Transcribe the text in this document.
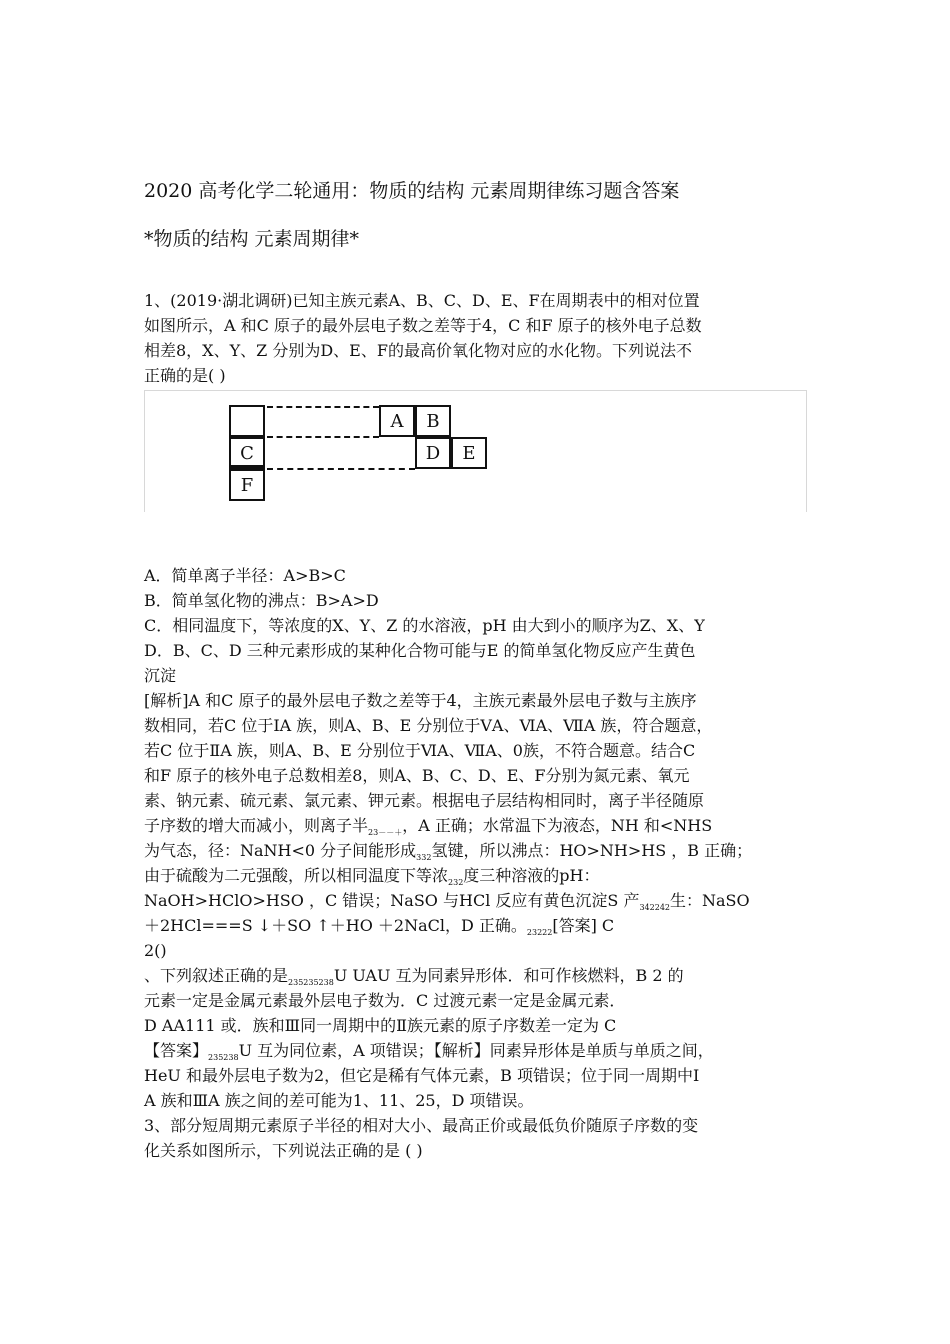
2020 高考化学二轮通用：物质的结构 元素周期律练习题含答案
*物质的结构 元素周期律*
1、(2019·湖北调研)已知主族元素A、B、C、D、E、F在周期表中的相对位置
如图所示，A 和C 原子的最外层电子数之差等于4，C 和F 原子的核外电子总数
相差8，X、Y、Z 分别为D、E、F的最高价氧化物对应的水化物。下列说法不
正确的是( )
C
F
A	B
D	E
A．简单离子半径：A>B>C
B．简单氢化物的沸点：B>A>D
C．相同温度下，等浓度的X、Y、Z 的水溶液，pH 由大到小的顺序为Z、X、Y
D．B、C、D 三种元素形成的某种化合物可能与E 的简单氢化物反应产生黄色
沉淀
[解析]A 和C 原子的最外层电子数之差等于4，主族元素最外层电子数与主族序
数相同，若C 位于ⅠA 族，则A、B、E 分别位于ⅤA、ⅥA、ⅦA 族，符合题意，
若C 位于ⅡA 族，则A、B、E 分别位于ⅥA、ⅦA、0族，不符合题意。结合C
和F 原子的核外电子总数相差8，则A、B、C、D、E、F分别为氮元素、氧元
素、钠元素、硫元素、氯元素、钾元素。根据电子层结构相同时，离子半径随原
子序数的增大而减小，则离子半$_{23--+}$，A 正确；水常温下为液态，NH 和<NHS
为气态，径：NaNH<0 分子间能形成$_{332}$氢键，所以沸点：HO>NH>HS ，B 正确；
由于硫酸为二元强酸，所以相同温度下等浓$_{232}$度三种溶液的pH：
NaOH>HClO>HSO ，C 错误；NaSO 与HCl 反应有黄色沉淀S 产$_{342242}$生：NaSO
＋2HCl===S ↓＋SO ↑＋HO ＋2NaCl，D 正确。$_{23222}$[答案] C
2()
、下列叙述正确的是$_{235235238}$U UAU 互为同素异形体．和可作核燃料，B 2 的
元素一定是金属元素最外层电子数为．C 过渡元素一定是金属元素．
D AA111 或．族和Ⅲ同一周期中的Ⅱ族元素的原子序数差一定为 C
【答案】$_{235238}$U 互为同位素，A 项错误；【解析】同素异形体是单质与单质之间，
HeU 和最外层电子数为2，但它是稀有气体元素，B 项错误；位于同一周期中Ⅰ
A 族和ⅢA 族之间的差可能为1、11、25，D 项错误。
3、部分短周期元素原子半径的相对大小、最高正价或最低负价随原子序数的变
化关系如图所示，下列说法正确的是 ( )
